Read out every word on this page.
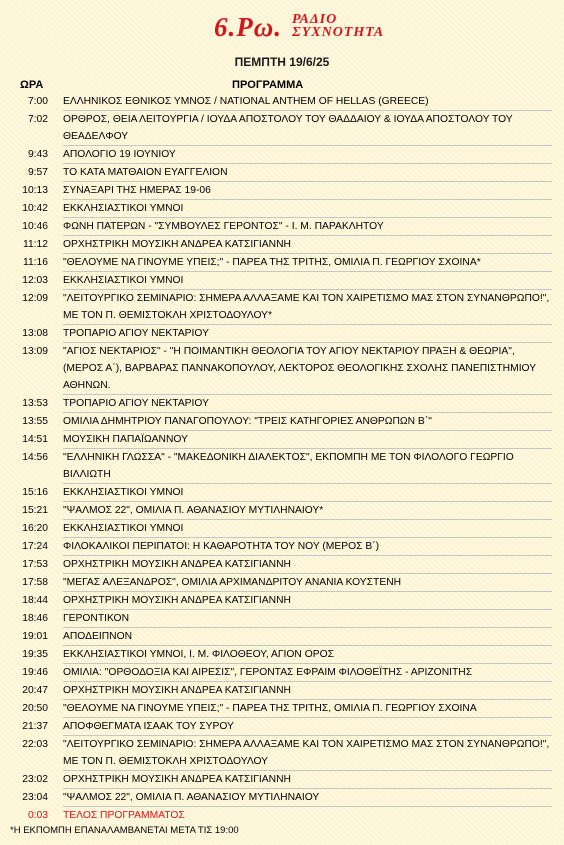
6.Ρω. ΡΑΔΙΟ
ΣΥΧΝΟΤΗΤΑ
ΠΕΜΠΤΗ 19/6/25
ΩΡΑ	ΠΡΟΓΡΑΜΜΑ
7:00	ΕΛΛΗΝΙΚΟΣ ΕΘΝΙΚΟΣ ΥΜΝΟΣ / NATIONAL ANTHEM OF HELLAS (GREECE)
7:02	ΟΡΘΡΟΣ, ΘΕΙΑ ΛΕΙΤΟΥΡΓΙΑ / ΙΟΥΔΑ ΑΠΟΣΤΟΛΟΥ ΤΟΥ ΘΑΔΔΑΙΟΥ & ΙΟΥΔΑ ΑΠΟΣΤΟΛΟΥ ΤΟΥ ΘΕΑΔΕΛΦΟΥ
9:43	ΑΠΟΛΟΓΙΟ 19 ΙΟΥΝΙΟΥ
9:57	ΤΟ ΚΑΤΑ ΜΑΤΘΑΙΟΝ ΕΥΑΓΓΕΛΙΟΝ
10:13	ΣΥΝΑΞΑΡΙ ΤΗΣ ΗΜΕΡΑΣ 19-06
10:42	ΕΚΚΛΗΣΙΑΣΤΙΚΟΙ ΥΜΝΟΙ
10:46	ΦΩΝΗ ΠΑΤΕΡΩΝ - "ΣΥΜΒΟΥΛΕΣ ΓΕΡΟΝΤΟΣ" - Ι. Μ. ΠΑΡΑΚΛΗΤΟΥ
11:12	ΟΡΧΗΣΤΡΙΚΗ ΜΟΥΣΙΚΗ ΑΝΔΡΕΑ ΚΑΤΣΙΓΙΑΝΝΗ
11:16	"ΘΕΛΟΥΜΕ ΝΑ ΓΙΝΟΥΜΕ ΥΠΕΙΣ;" - ΠΑΡΕΑ ΤΗΣ ΤΡΙΤΗΣ, ΟΜΙΛΙΑ Π. ΓΕΩΡΓΙΟΥ ΣΧΟΙΝΑ*
12:03	ΕΚΚΛΗΣΙΑΣΤΙΚΟΙ ΥΜΝΟΙ
12:09	"ΛΕΙΤΟΥΡΓΙΚΟ ΣΕΜΙΝΑΡΙΟ: ΣΗΜΕΡΑ ΑΛΛΑΞΑΜΕ ΚΑΙ ΤΟΝ ΧΑΙΡΕΤΙΣΜΟ ΜΑΣ ΣΤΟΝ ΣΥΝΑΝΘΡΩΠΟ!", ΜΕ ΤΟΝ Π. ΘΕΜΙΣΤΟΚΛΗ ΧΡΙΣΤΟΔΟΥΛΟΥ*
13:08	ΤΡΟΠΑΡΙΟ ΑΓΙΟΥ ΝΕΚΤΑΡΙΟΥ
13:09	"ΑΓΙΟΣ ΝΕΚΤΑΡΙΟΣ" - "Η ΠΟΙΜΑΝΤΙΚΗ ΘΕΟΛΟΓΙΑ ΤΟΥ ΑΓΙΟΥ ΝΕΚΤΑΡΙΟΥ ΠΡΑΞΗ & ΘΕΩΡΙΑ", (ΜΕΡΟΣ Α΄), ΒΑΡΒΑΡΑΣ ΠΑΝΝΑΚΟΠΟΥΛΟΥ, ΛΕΚΤΟΡΟΣ ΘΕΟΛΟΓΙΚΗΣ ΣΧΟΛΗΣ ΠΑΝΕΠΙΣΤΗΜΙΟΥ ΑΘΗΝΩΝ.
13:53	ΤΡΟΠΑΡΙΟ ΑΓΙΟΥ ΝΕΚΤΑΡΙΟΥ
13:55	ΟΜΙΛΙΑ ΔΗΜΗΤΡΙΟΥ ΠΑΝΑΓΟΠΟΥΛΟΥ: "ΤΡΕΙΣ ΚΑΤΗΓΟΡΙΕΣ ΑΝΘΡΩΠΩΝ Β΄"
14:51	ΜΟΥΣΙΚΗ ΠΑΠΑΪΩΑΝΝΟΥ
14:56	"ΕΛΛΗΝΙΚΗ ΓΛΩΣΣΑ" - "ΜΑΚΕΔΟΝΙΚΗ ΔΙΑΛΕΚΤΟΣ", ΕΚΠΟΜΠΗ ΜΕ ΤΟΝ ΦΙΛΟΛΟΓΟ ΓΕΩΡΓΙΟ ΒΙΛΛΙΩΤΗ
15:16	ΕΚΚΛΗΣΙΑΣΤΙΚΟΙ ΥΜΝΟΙ
15:21	"ΨΑΛΜΟΣ 22", ΟΜΙΛΙΑ Π. ΑΘΑΝΑΣΙΟΥ ΜΥΤΙΛΗΝΑΙΟΥ*
16:20	ΕΚΚΛΗΣΙΑΣΤΙΚΟΙ ΥΜΝΟΙ
17:24	ΦΙΛΟΚΑΛΙΚΟΙ ΠΕΡΙΠΑΤΟΙ: Η ΚΑΘΑΡΟΤΗΤΑ ΤΟΥ ΝΟΥ (ΜΕΡΟΣ Β΄)
17:53	ΟΡΧΗΣΤΡΙΚΗ ΜΟΥΣΙΚΗ ΑΝΔΡΕΑ ΚΑΤΣΙΓΙΑΝΝΗ
17:58	"ΜΕΓΑΣ ΑΛΕΞΑΝΔΡΟΣ", ΟΜΙΛΙΑ ΑΡΧΙΜΑΝΔΡΙΤΟΥ ΑΝΑΝΙΑ ΚΟΥΣΤΕΝΗ
18:44	ΟΡΧΗΣΤΡΙΚΗ ΜΟΥΣΙΚΗ ΑΝΔΡΕΑ ΚΑΤΣΙΓΙΑΝΝΗ
18:46	ΓΕΡΟΝΤΙΚΟΝ
19:01	ΑΠΟΔΕΙΠΝΟΝ
19:35	ΕΚΚΛΗΣΙΑΣΤΙΚΟΙ ΥΜΝΟΙ, Ι. Μ. ΦΙΛΟΘΕΟΥ, ΑΓΙΟΝ ΟΡΟΣ
19:46	ΟΜΙΛΙΑ: "ΟΡΘΟΔΟΞΙΑ ΚΑΙ ΑΙΡΕΣΙΣ", ΓΕΡΟΝΤΑΣ ΕΦΡΑΙΜ ΦΙΛΟΘΕΪΤΗΣ - ΑΡΙΖΟΝΙΤΗΣ
20:47	ΟΡΧΗΣΤΡΙΚΗ ΜΟΥΣΙΚΗ ΑΝΔΡΕΑ ΚΑΤΣΙΓΙΑΝΝΗ
20:50	"ΘΕΛΟΥΜΕ ΝΑ ΓΙΝΟΥΜΕ ΥΠΕΙΣ;" - ΠΑΡΕΑ ΤΗΣ ΤΡΙΤΗΣ, ΟΜΙΛΙΑ Π. ΓΕΩΡΓΙΟΥ ΣΧΟΙΝΑ
21:37	ΑΠΟΦΘΕΓΜΑΤΑ ΙΣΑΑΚ ΤΟΥ ΣΥΡΟΥ
22:03	"ΛΕΙΤΟΥΡΓΙΚΟ ΣΕΜΙΝΑΡΙΟ: ΣΗΜΕΡΑ ΑΛΛΑΞΑΜΕ ΚΑΙ ΤΟΝ ΧΑΙΡΕΤΙΣΜΟ ΜΑΣ ΣΤΟΝ ΣΥΝΑΝΘΡΩΠΟ!", ΜΕ ΤΟΝ Π. ΘΕΜΙΣΤΟΚΛΗ ΧΡΙΣΤΟΔΟΥΛΟΥ
23:02	ΟΡΧΗΣΤΡΙΚΗ ΜΟΥΣΙΚΗ ΑΝΔΡΕΑ ΚΑΤΣΙΓΙΑΝΝΗ
23:04	"ΨΑΛΜΟΣ 22", ΟΜΙΛΙΑ Π. ΑΘΑΝΑΣΙΟΥ ΜΥΤΙΛΗΝΑΙΟΥ
0:03	ΤΕΛΟΣ ΠΡΟΓΡΑΜΜΑΤΟΣ
*Η ΕΚΠΟΜΠΗ ΕΠΑΝΑΛΑΜΒΑΝΕΤΑΙ ΜΕΤΑ ΤΙΣ 19:00
